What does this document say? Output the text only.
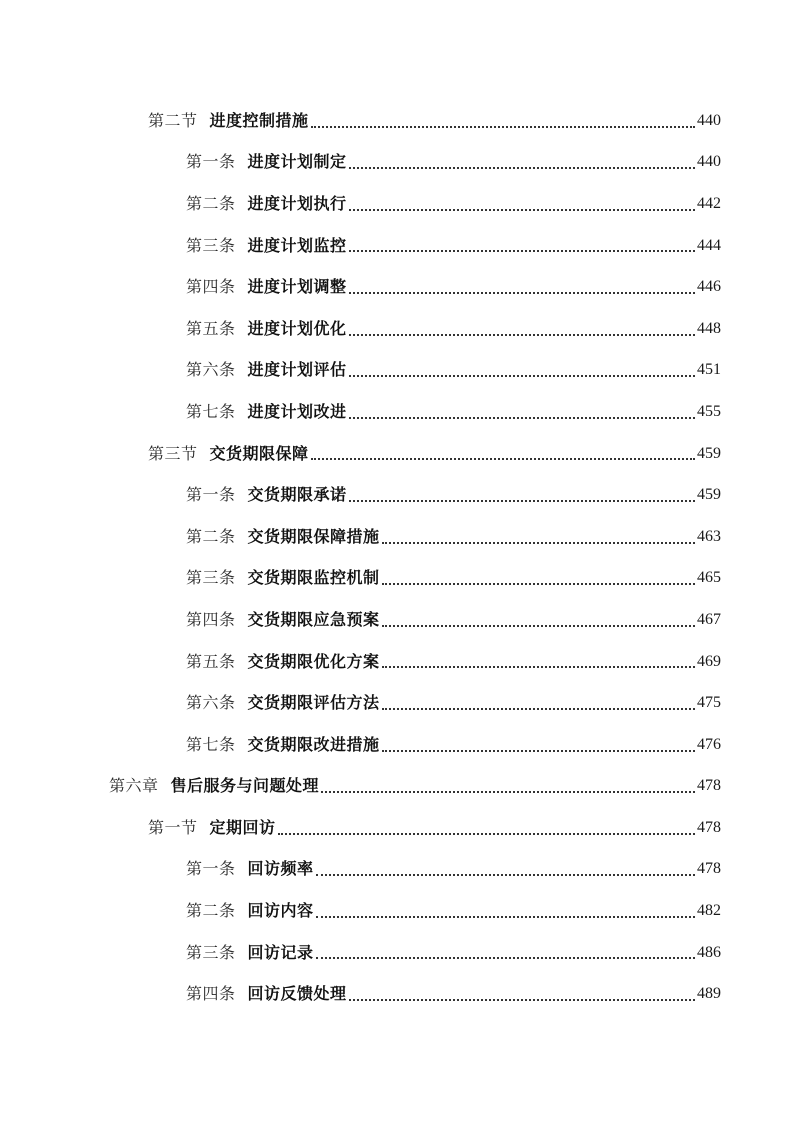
第二节 进度控制措施	440
第一条 进度计划制定	440
第二条 进度计划执行	442
第三条 进度计划监控	444
第四条 进度计划调整	446
第五条 进度计划优化	448
第六条 进度计划评估	451
第七条 进度计划改进	455
第三节 交货期限保障	459
第一条 交货期限承诺	459
第二条 交货期限保障措施	463
第三条 交货期限监控机制	465
第四条 交货期限应急预案	467
第五条 交货期限优化方案	469
第六条 交货期限评估方法	475
第七条 交货期限改进措施	476
第六章 售后服务与问题处理	478
第一节 定期回访	478
第一条 回访频率	478
第二条 回访内容	482
第三条 回访记录	486
第四条 回访反馈处理	489
